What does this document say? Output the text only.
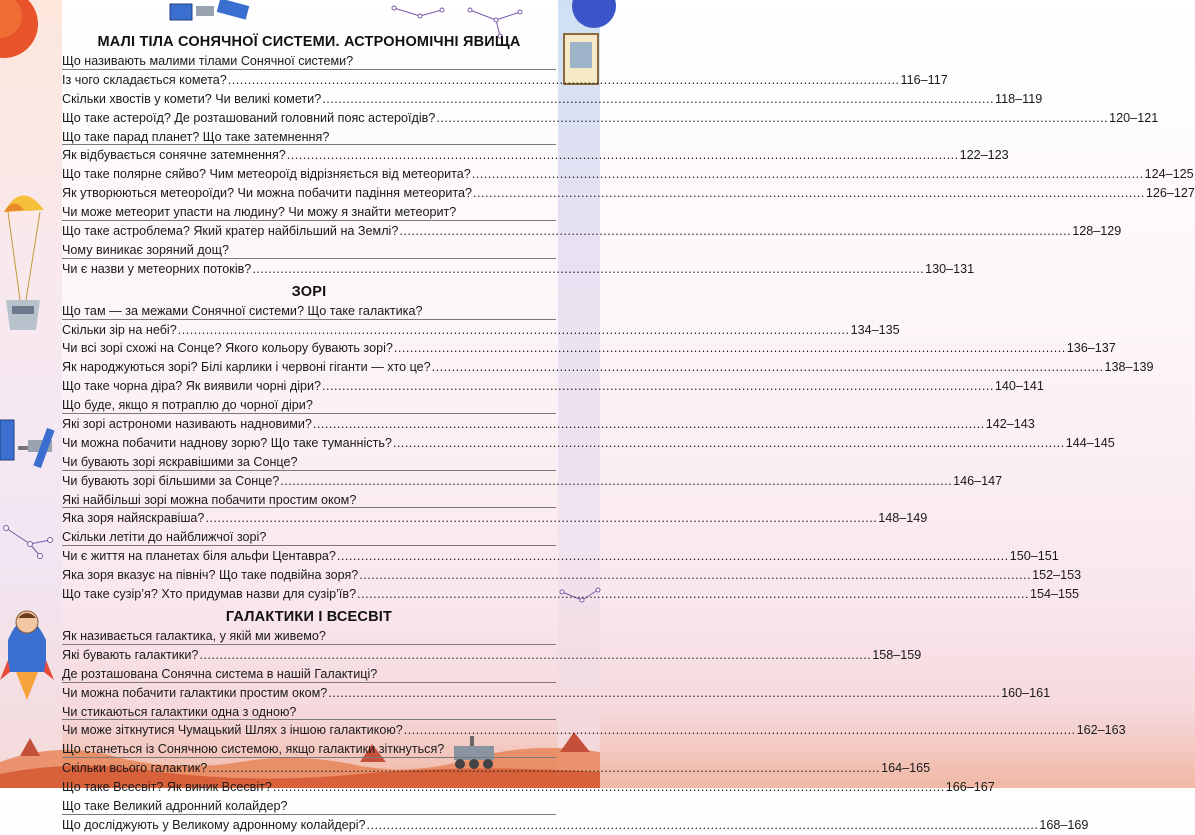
МАЛІ ТІЛА СОНЯЧНОЇ СИСТЕМИ. АСТРОНОМІЧНІ ЯВИЩА
Що називають малими тілами Сонячної системи?
Із чого складається комета? .....	116–117
Скільки хвостів у комети? Чи великі комети? .....	118–119
Що таке астероїд? Де розташований головний пояс астероїдів? .....	120–121
Що таке парад планет? Що таке затемнення?
Як відбувається сонячне затемнення? .....	122–123
Що таке полярне сяйво? Чим метеороїд відрізняється від метеорита? .....	124–125
Як утворюються метеороїди? Чи можна побачити падіння метеорита? .....	126–127
Чи може метеорит упасти на людину? Чи можу я знайти метеорит?
Що таке астроблема? Який кратер найбільший на Землі? .....	128–129
Чому виникає зоряний дощ?
Чи є назви у метеорних потоків? .....	130–131
ЗОРІ
Що там — за межами Сонячної системи? Що таке галактика?
Скільки зір на небі? .....	134–135
Чи всі зорі схожі на Сонце? Якого кольору бувають зорі? .....	136–137
Як народжуються зорі? Білі карлики і червоні гіганти — хто це? .....	138–139
Що таке чорна діра? Як виявили чорні діри? .....	140–141
Що буде, якщо я потраплю до чорної діри?
Які зорі астрономи називають надновими? .....	142–143
Чи можна побачити наднову зорю? Що таке туманність? .....	144–145
Чи бувають зорі яскравішими за Сонце?
Чи бувають зорі більшими за Сонце? .....	146–147
Які найбільші зорі можна побачити простим оком?
Яка зоря найяскравіша? .....	148–149
Скільки летіти до найближчої зорі?
Чи є життя на планетах біля альфи Центавра? .....	150–151
Яка зоря вказує на північ? Що таке подвійна зоря? .....	152–153
Що таке сузір’я? Хто придумав назви для сузір’їв? .....	154–155
ГАЛАКТИКИ І ВСЕСВІТ
Як називається галактика, у якій ми живемо?
Які бувають галактики? .....	158–159
Де розташована Сонячна система в нашій Галактиці?
Чи можна побачити галактики простим оком? .....	160–161
Чи стикаються галактики одна з одною?
Чи може зіткнутися Чумацький Шлях з іншою галактикою? .....	162–163
Що станеться із Сонячною системою, якщо галактики зіткнуться?
Скільки всього галактик? .....	164–165
Що таке Всесвіт? Як виник Всесвіт? .....	166–167
Що таке Великий адронний колайдер?
Що досліджують у Великому адронному колайдері? .....	168–169
